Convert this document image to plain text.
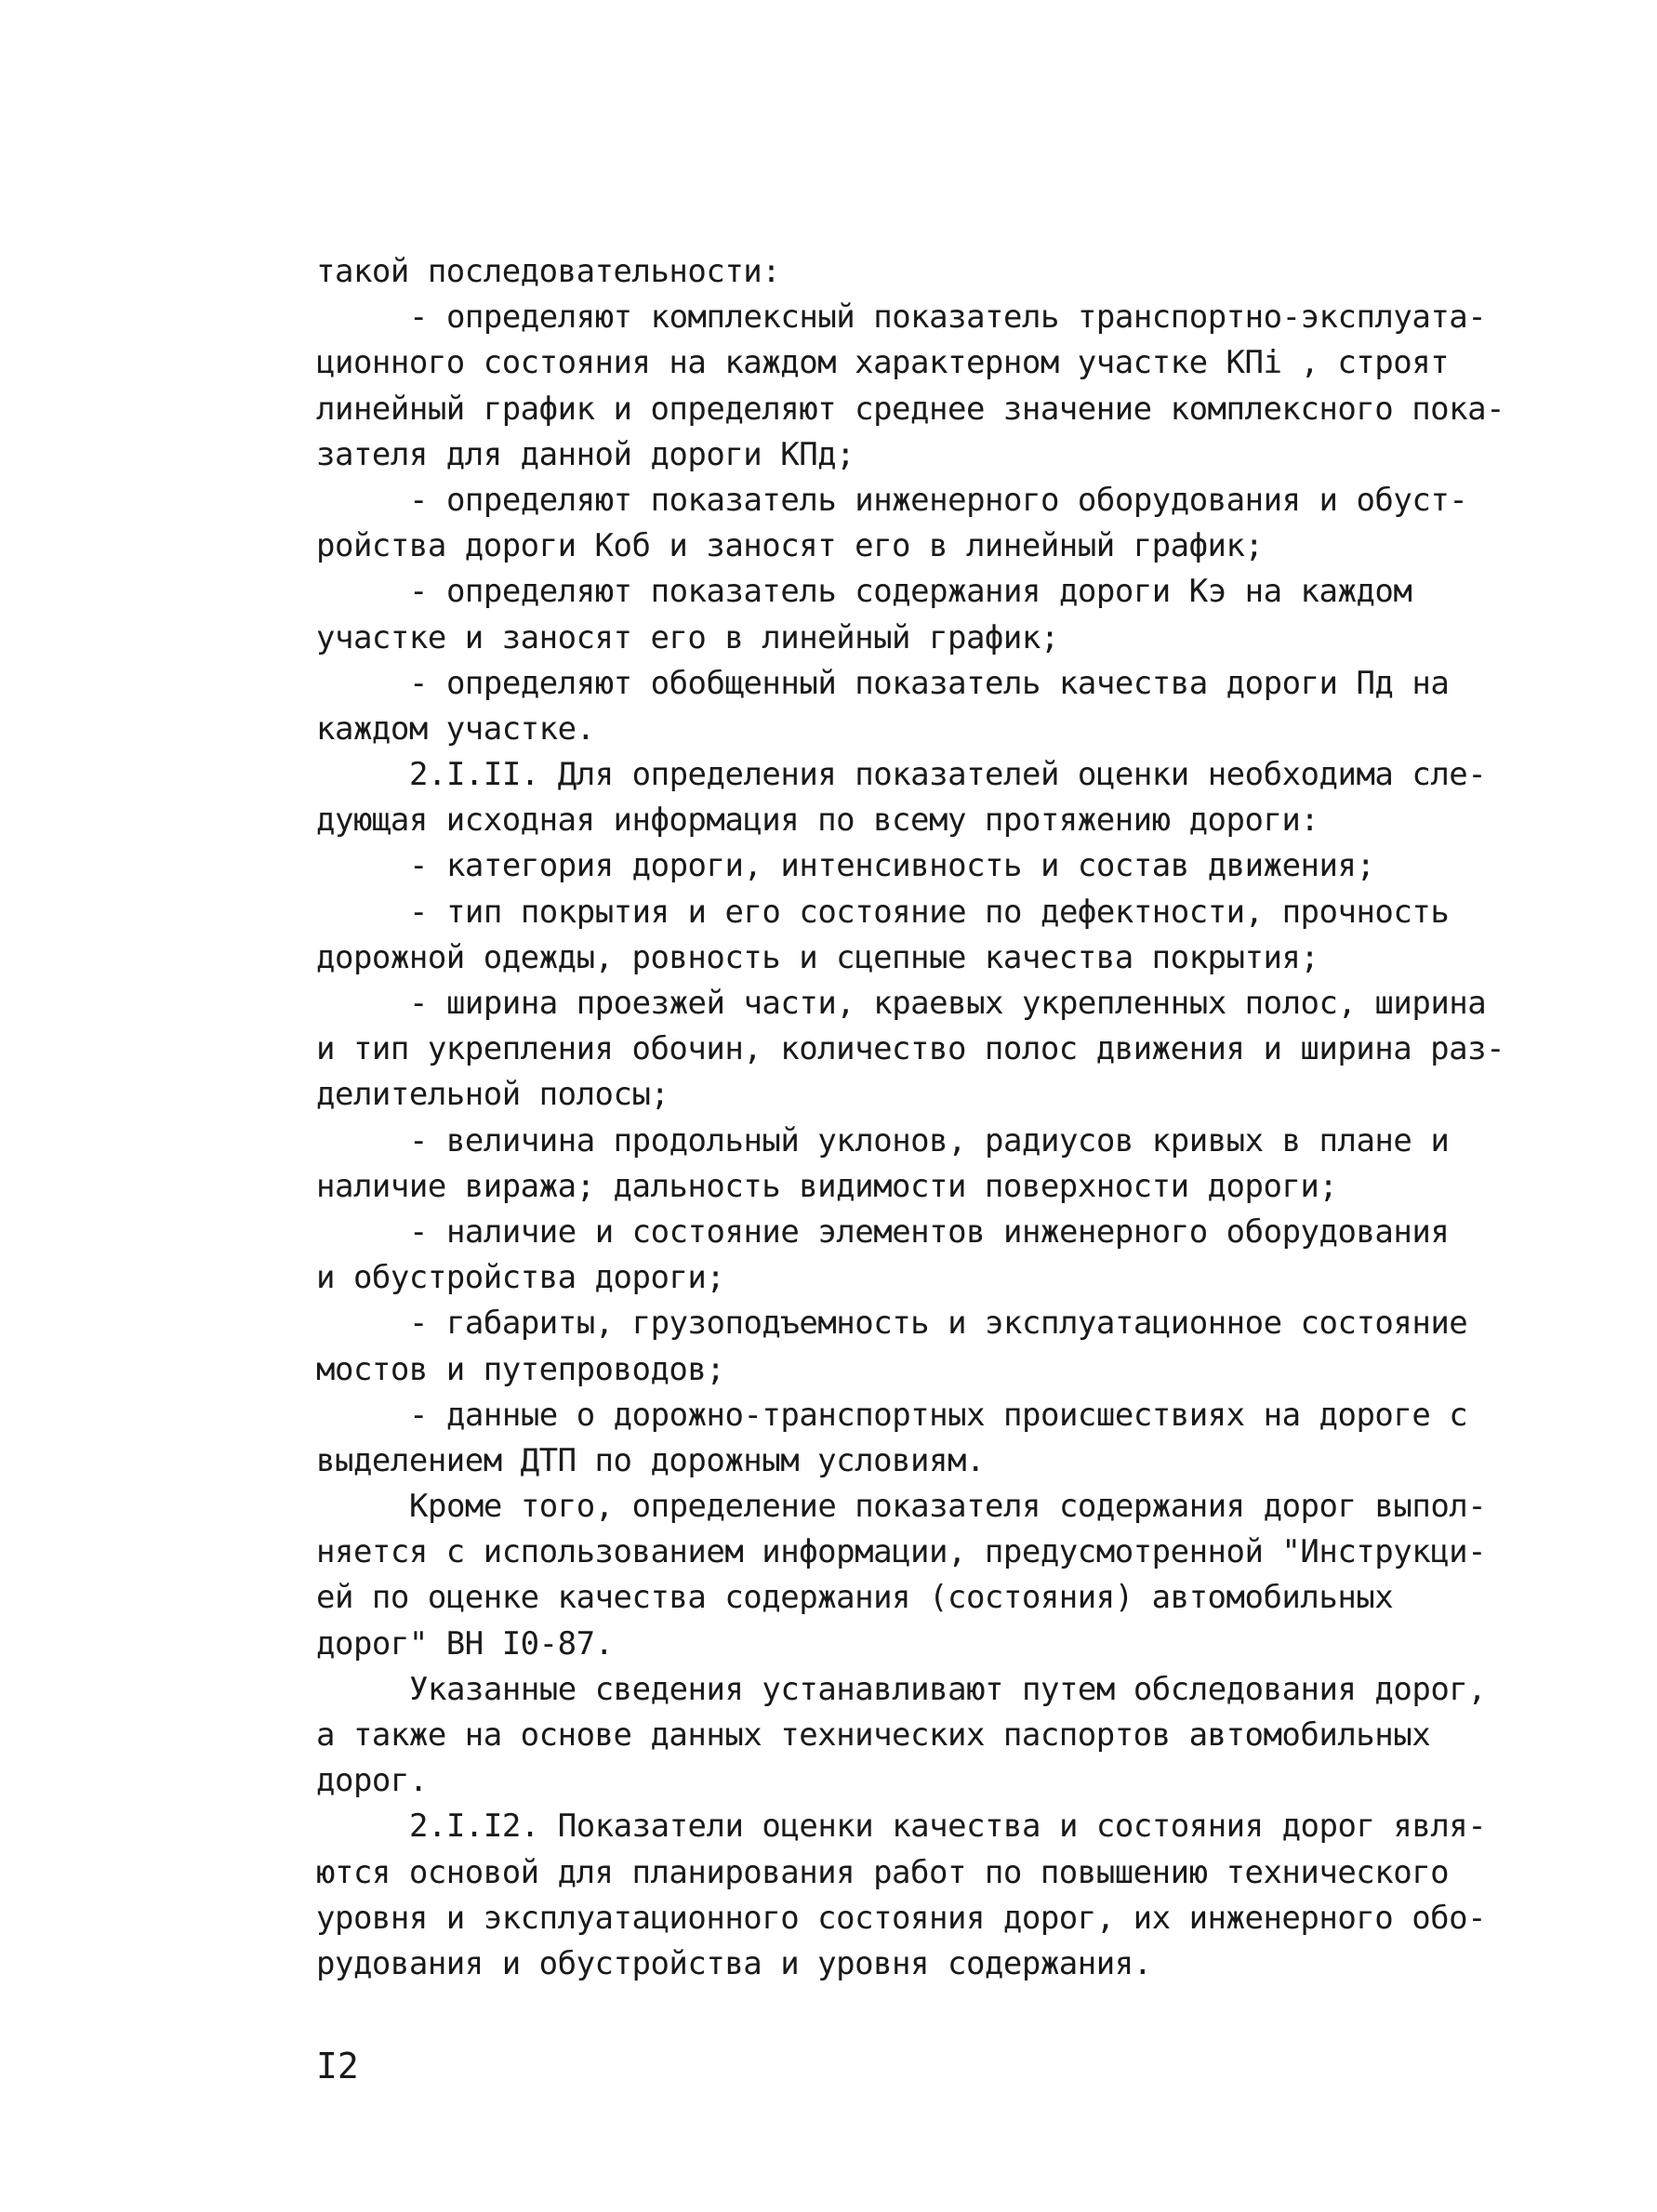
такой последовательности:
- определяют комплексный показатель транспортно-эксплуата-
ционного состояния на каждом характерном участке КПi , строят
линейный график и определяют среднее значение комплексного пока-
зателя для данной дороги КПд;
- определяют показатель инженерного оборудования и обуст-
ройства дороги Коб и заносят его в линейный график;
- определяют показатель содержания дороги Кэ на каждом
участке и заносят его в линейный график;
- определяют обобщенный показатель качества дороги Пд на
каждом участке.
2.I.II. Для определения показателей оценки необходима сле-
дующая исходная информация по всему протяжению дороги:
- категория дороги, интенсивность и состав движения;
- тип покрытия и его состояние по дефектности, прочность
дорожной одежды, ровность и сцепные качества покрытия;
- ширина проезжей части, краевых укрепленных полос, ширина
и тип укрепления обочин, количество полос движения и ширина раз-
делительной полосы;
- величина продольный уклонов, радиусов кривых в плане и
наличие виража; дальность видимости поверхности дороги;
- наличие и состояние элементов инженерного оборудования
и обустройства дороги;
- габариты, грузоподъемность и эксплуатационное состояние
мостов и путепроводов;
- данные о дорожно-транспортных происшествиях на дороге с
выделением ДТП по дорожным условиям.
Кроме того, определение показателя содержания дорог выпол-
няется с использованием информации, предусмотренной "Инструкци-
ей по оценке качества содержания (состояния) автомобильных
дорог" ВН I0-87.
Указанные сведения устанавливают путем обследования дорог,
а также на основе данных технических паспортов автомобильных
дорог.
2.I.I2. Показатели оценки качества и состояния дорог явля-
ются основой для планирования работ по повышению технического
уровня и эксплуатационного состояния дорог, их инженерного обо-
рудования и обустройства и уровня содержания.
I2
